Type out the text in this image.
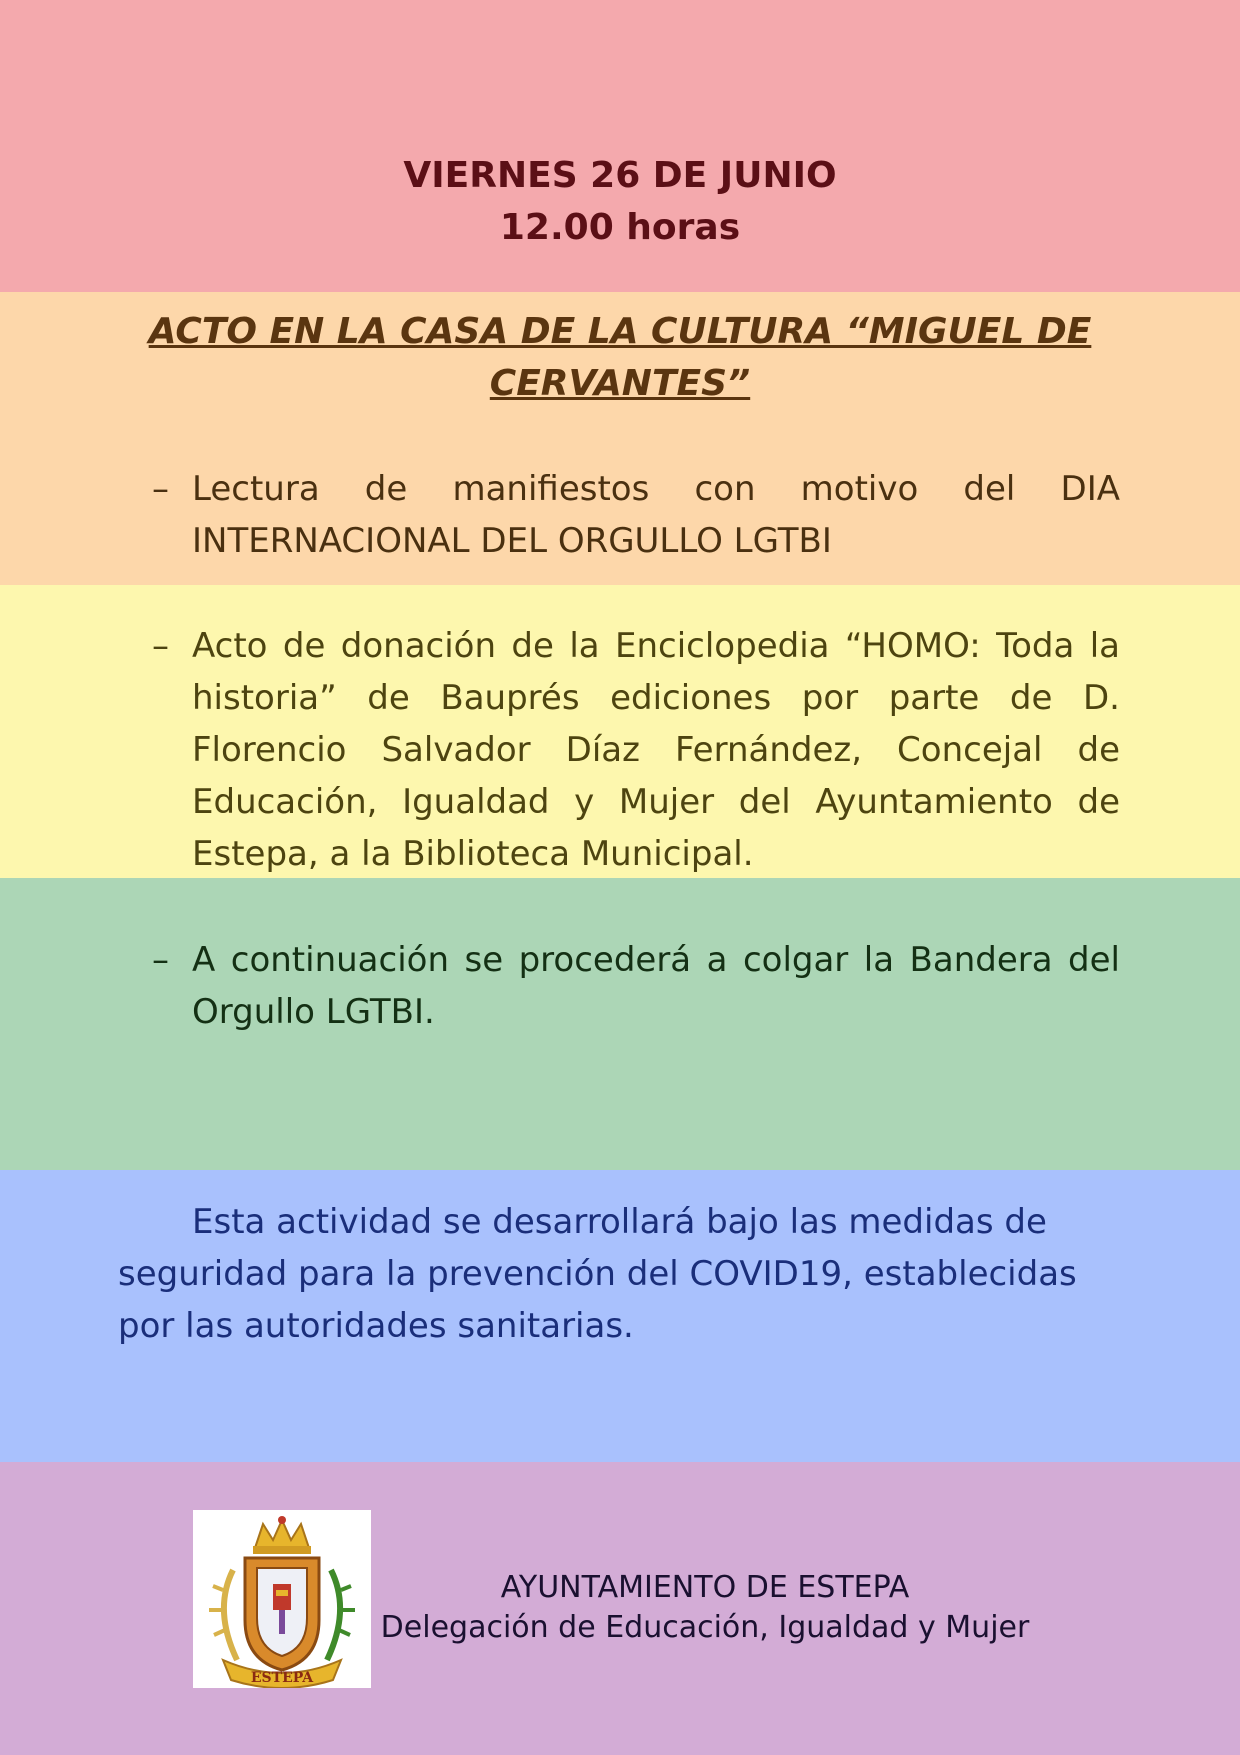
VIERNES 26 DE JUNIO
12.00 horas
ACTO EN LA CASA DE LA CULTURA “MIGUEL DE
CERVANTES”
– Lectura de manifiestos con motivo del DIA INTERNACIONAL DEL ORGULLO LGTBI
– Acto de donación de la Enciclopedia “HOMO: Toda la historia” de Bauprés ediciones por parte de D. Florencio Salvador Díaz Fernández, Concejal de Educación, Igualdad y Mujer del Ayuntamiento de Estepa, a la Biblioteca Municipal.
– A continuación se procederá a colgar la Bandera del Orgullo LGTBI.
Esta actividad se desarrollará bajo las medidas de seguridad para la prevención del COVID19, establecidas por las autoridades sanitarias.
ESTEPA
AYUNTAMIENTO DE ESTEPA
Delegación de Educación, Igualdad y Mujer
